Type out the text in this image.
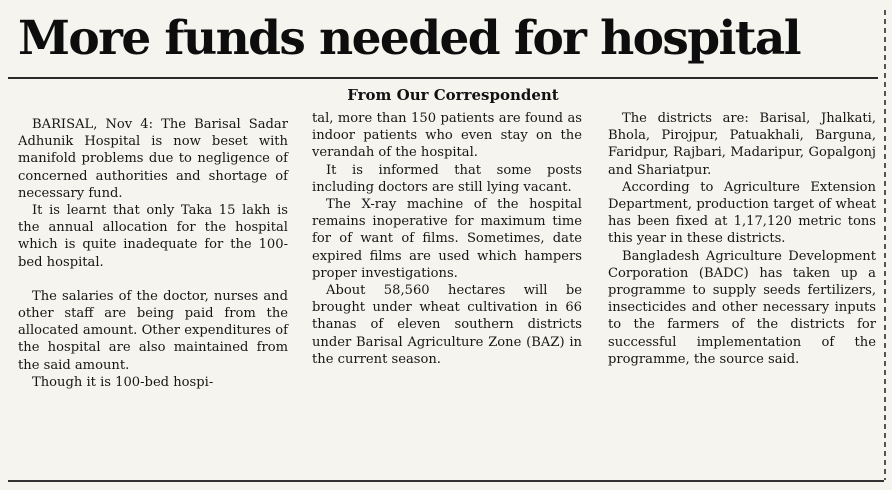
More funds needed for hospital
From Our Correspondent

BARISAL, Nov 4: The Barisal Sadar Adhunik Hospital is now beset with manifold problems due to negligence of concerned authorities and shortage of necessary fund.

It is learnt that only Taka 15 lakh is the annual allocation for the hospital which is quite inadequate for the 100-bed hospital.

The salaries of the doctor, nurses and other staff are being paid from the allocated amount. Other expenditures of the hospital are also maintained from the said amount.

Though it is 100-bed hospi-

tal, more than 150 patients are found as indoor patients who even stay on the verandah of the hospital.

It is informed that some posts including doctors are still lying vacant.

The X-ray machine of the hospital remains inoperative for maximum time for of want of films. Sometimes, date expired films are used which hampers proper investigations.

About 58,560 hectares will be brought under wheat cultivation in 66 thanas of eleven southern districts under Barisal Agriculture Zone (BAZ) in the current season.

The districts are: Barisal, Jhalkati, Bhola, Pirojpur, Patuakhali, Barguna, Faridpur, Rajbari, Madaripur, Gopalgonj and Shariatpur.

According to Agriculture Extension Department, production target of wheat has been fixed at 1,17,120 metric tons this year in these districts.

Bangladesh Agriculture Development Corporation (BADC) has taken up a programme to supply seeds fertilizers, insecticides and other necessary inputs to the farmers of the districts for successful implementation of the programme, the source said.
